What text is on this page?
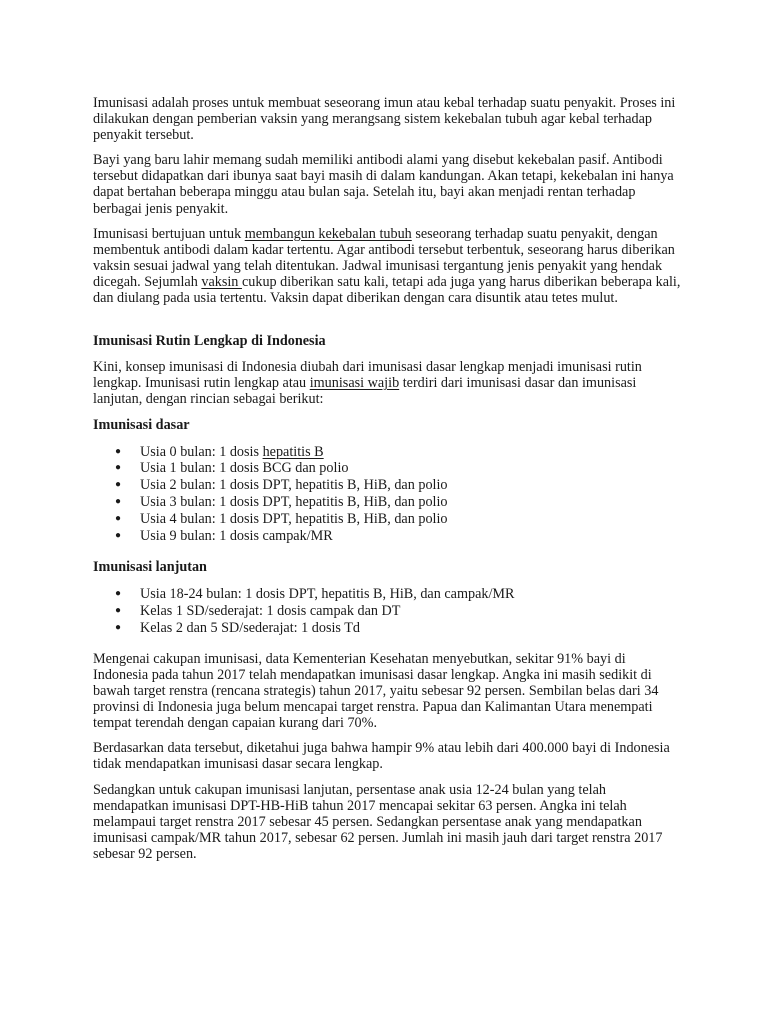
Imunisasi adalah proses untuk membuat seseorang imun atau kebal terhadap suatu penyakit. Proses ini dilakukan dengan pemberian vaksin yang merangsang sistem kekebalan tubuh agar kebal terhadap penyakit tersebut.

Bayi yang baru lahir memang sudah memiliki antibodi alami yang disebut kekebalan pasif. Antibodi tersebut didapatkan dari ibunya saat bayi masih di dalam kandungan. Akan tetapi, kekebalan ini hanya dapat bertahan beberapa minggu atau bulan saja. Setelah itu, bayi akan menjadi rentan terhadap berbagai jenis penyakit.

Imunisasi bertujuan untuk membangun kekebalan tubuh seseorang terhadap suatu penyakit, dengan membentuk antibodi dalam kadar tertentu. Agar antibodi tersebut terbentuk, seseorang harus diberikan vaksin sesuai jadwal yang telah ditentukan. Jadwal imunisasi tergantung jenis penyakit yang hendak dicegah. Sejumlah vaksin cukup diberikan satu kali, tetapi ada juga yang harus diberikan beberapa kali, dan diulang pada usia tertentu. Vaksin dapat diberikan dengan cara disuntik atau tetes mulut.

Imunisasi Rutin Lengkap di Indonesia

Kini, konsep imunisasi di Indonesia diubah dari imunisasi dasar lengkap menjadi imunisasi rutin lengkap. Imunisasi rutin lengkap atau imunisasi wajib terdiri dari imunisasi dasar dan imunisasi lanjutan, dengan rincian sebagai berikut:

Imunisasi dasar
● Usia 0 bulan: 1 dosis hepatitis B
● Usia 1 bulan: 1 dosis BCG dan polio
● Usia 2 bulan: 1 dosis DPT, hepatitis B, HiB, dan polio
● Usia 3 bulan: 1 dosis DPT, hepatitis B, HiB, dan polio
● Usia 4 bulan: 1 dosis DPT, hepatitis B, HiB, dan polio
● Usia 9 bulan: 1 dosis campak/MR
Imunisasi lanjutan
● Usia 18-24 bulan: 1 dosis DPT, hepatitis B, HiB, dan campak/MR
● Kelas 1 SD/sederajat: 1 dosis campak dan DT
● Kelas 2 dan 5 SD/sederajat: 1 dosis Td

Mengenai cakupan imunisasi, data Kementerian Kesehatan menyebutkan, sekitar 91% bayi di Indonesia pada tahun 2017 telah mendapatkan imunisasi dasar lengkap. Angka ini masih sedikit di bawah target renstra (rencana strategis) tahun 2017, yaitu sebesar 92 persen. Sembilan belas dari 34 provinsi di Indonesia juga belum mencapai target renstra. Papua dan Kalimantan Utara menempati tempat terendah dengan capaian kurang dari 70%.

Berdasarkan data tersebut, diketahui juga bahwa hampir 9% atau lebih dari 400.000 bayi di Indonesia tidak mendapatkan imunisasi dasar secara lengkap.

Sedangkan untuk cakupan imunisasi lanjutan, persentase anak usia 12-24 bulan yang telah mendapatkan imunisasi DPT-HB-HiB tahun 2017 mencapai sekitar 63 persen. Angka ini telah melampaui target renstra 2017 sebesar 45 persen. Sedangkan persentase anak yang mendapatkan imunisasi campak/MR tahun 2017, sebesar 62 persen. Jumlah ini masih jauh dari target renstra 2017 sebesar 92 persen.
